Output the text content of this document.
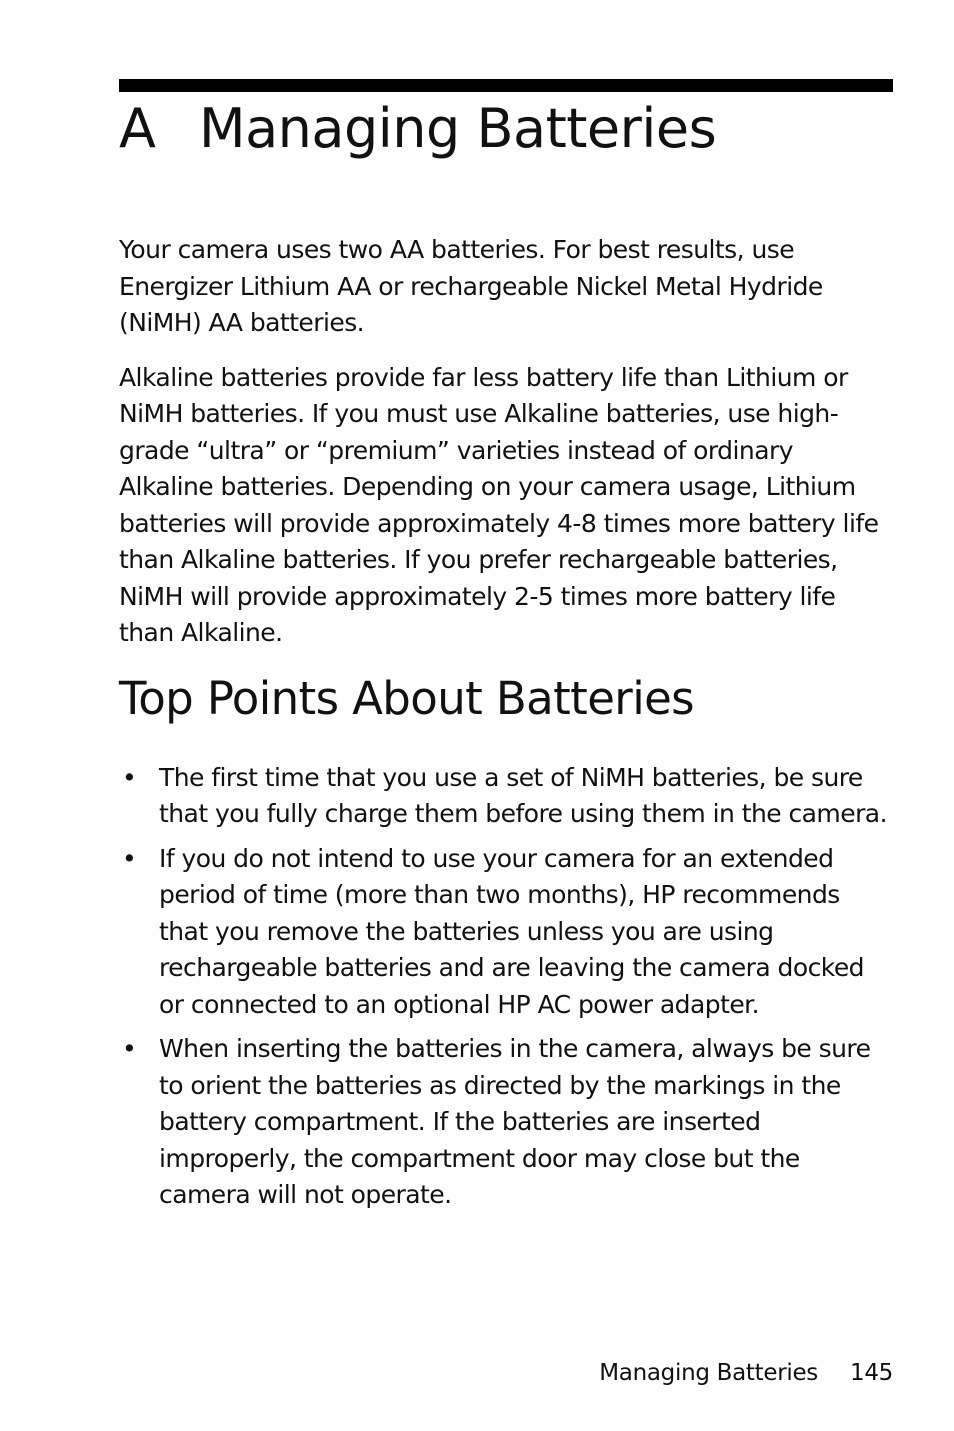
A Managing Batteries

Your camera uses two AA batteries. For best results, use Energizer Lithium AA or rechargeable Nickel Metal Hydride (NiMH) AA batteries.

Alkaline batteries provide far less battery life than Lithium or NiMH batteries. If you must use Alkaline batteries, use high-grade “ultra” or “premium” varieties instead of ordinary Alkaline batteries. Depending on your camera usage, Lithium batteries will provide approximately 4-8 times more battery life than Alkaline batteries. If you prefer rechargeable batteries, NiMH will provide approximately 2-5 times more battery life than Alkaline.

Top Points About Batteries
• The first time that you use a set of NiMH batteries, be sure that you fully charge them before using them in the camera.
• If you do not intend to use your camera for an extended period of time (more than two months), HP recommends that you remove the batteries unless you are using rechargeable batteries and are leaving the camera docked or connected to an optional HP AC power adapter.
• When inserting the batteries in the camera, always be sure to orient the batteries as directed by the markings in the battery compartment. If the batteries are inserted improperly, the compartment door may close but the camera will not operate.
Managing Batteries 145
